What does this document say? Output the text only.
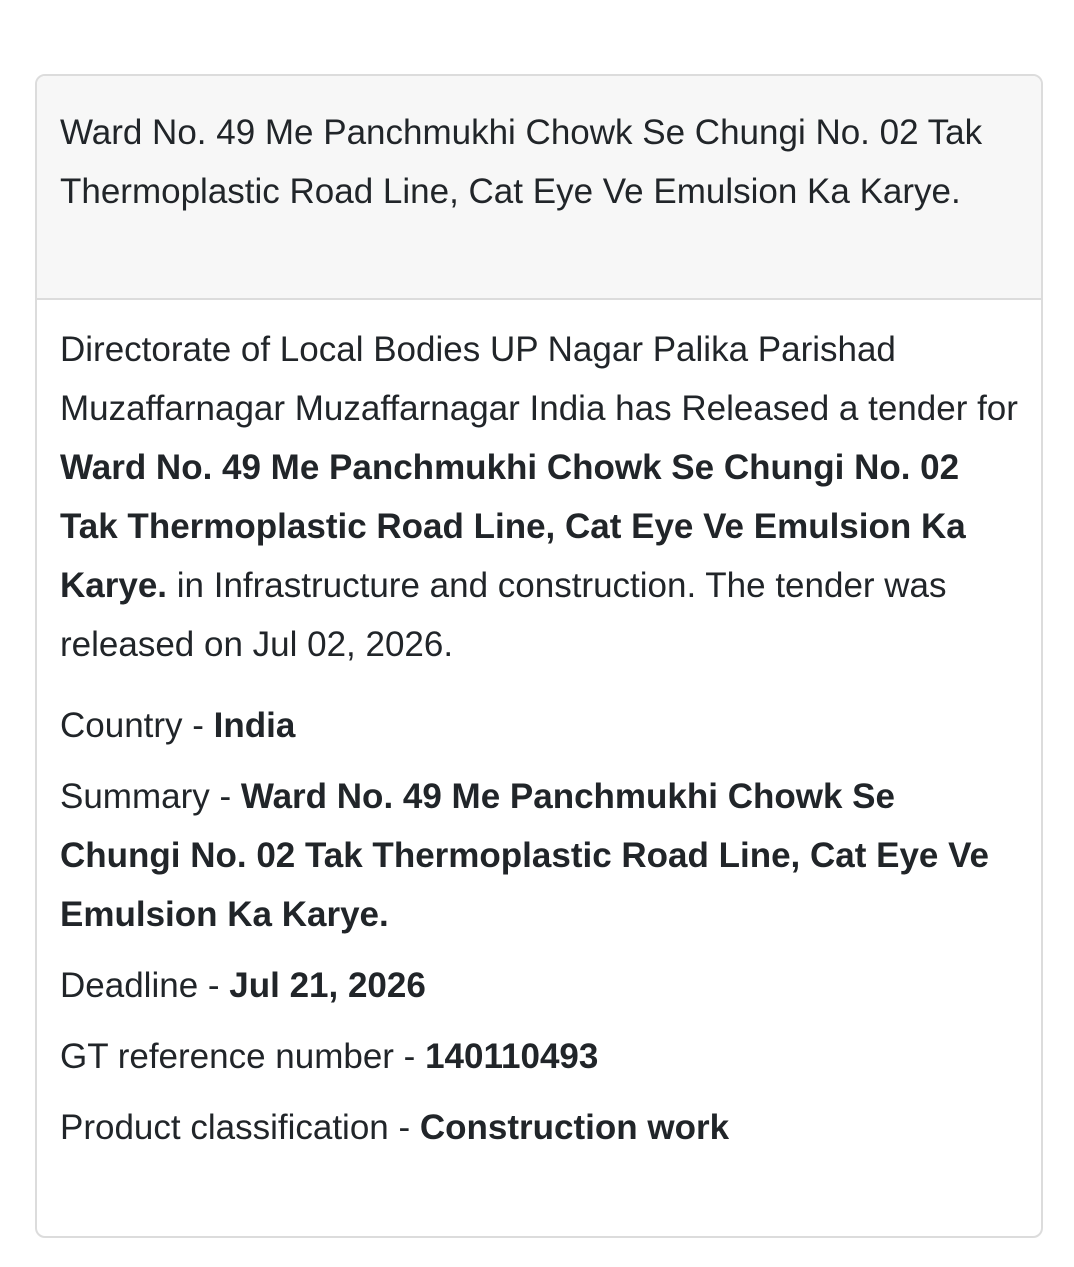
Ward No. 49 Me Panchmukhi Chowk Se Chungi No. 02 Tak Thermoplastic Road Line, Cat Eye Ve Emulsion Ka Karye.

Directorate of Local Bodies UP Nagar Palika Parishad Muzaffarnagar Muzaffarnagar India has Released a tender for Ward No. 49 Me Panchmukhi Chowk Se Chungi No. 02 Tak Thermoplastic Road Line, Cat Eye Ve Emulsion Ka Karye. in Infrastructure and construction. The tender was released on Jul 02, 2026.

Country - India

Summary - Ward No. 49 Me Panchmukhi Chowk Se Chungi No. 02 Tak Thermoplastic Road Line, Cat Eye Ve Emulsion Ka Karye.

Deadline - Jul 21, 2026

GT reference number - 140110493

Product classification - Construction work
